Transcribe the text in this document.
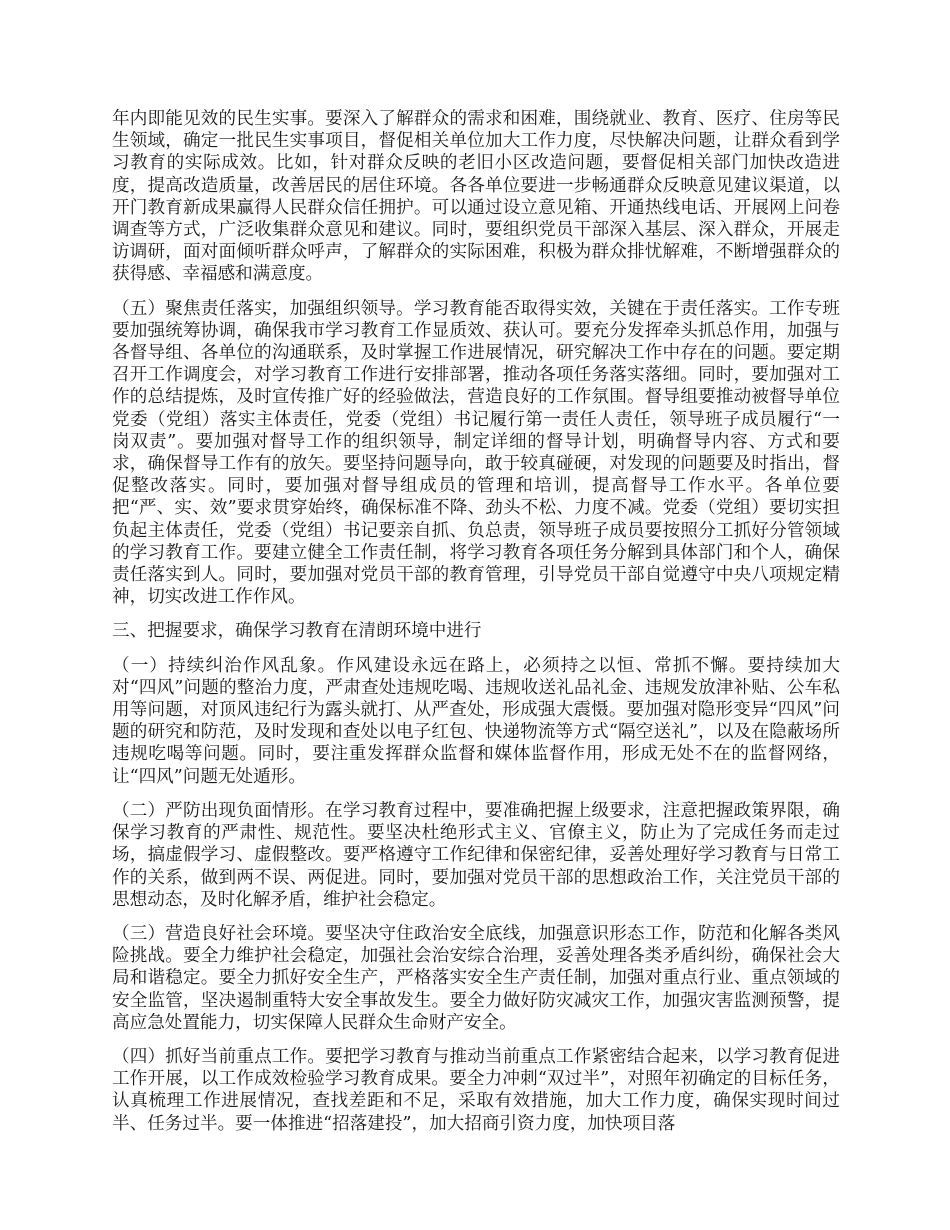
年内即能见效的民生实事。要深入了解群众的需求和困难，围绕就业、教育、医疗、住房等民生领域，确定一批民生实事项目，督促相关单位加大工作力度，尽快解决问题，让群众看到学习教育的实际成效。比如，针对群众反映的老旧小区改造问题，要督促相关部门加快改造进度，提高改造质量，改善居民的居住环境。各各单位要进一步畅通群众反映意见建议渠道，以开门教育新成果赢得人民群众信任拥护。可以通过设立意见箱、开通热线电话、开展网上问卷调查等方式，广泛收集群众意见和建议。同时，要组织党员干部深入基层、深入群众，开展走访调研，面对面倾听群众呼声，了解群众的实际困难，积极为群众排忧解难，不断增强群众的获得感、幸福感和满意度。

（五）聚焦责任落实，加强组织领导。学习教育能否取得实效，关键在于责任落实。工作专班要加强统筹协调，确保我市学习教育工作显质效、获认可。要充分发挥牵头抓总作用，加强与各督导组、各单位的沟通联系，及时掌握工作进展情况，研究解决工作中存在的问题。要定期召开工作调度会，对学习教育工作进行安排部署，推动各项任务落实落细。同时，要加强对工作的总结提炼，及时宣传推广好的经验做法，营造良好的工作氛围。督导组要推动被督导单位党委（党组）落实主体责任，党委（党组）书记履行第一责任人责任，领导班子成员履行“一岗双责”。要加强对督导工作的组织领导，制定详细的督导计划，明确督导内容、方式和要求，确保督导工作有的放矢。要坚持问题导向，敢于较真碰硬，对发现的问题要及时指出，督促整改落实。同时，要加强对督导组成员的管理和培训，提高督导工作水平。各单位要把“严、实、效”要求贯穿始终，确保标准不降、劲头不松、力度不减。党委（党组）要切实担负起主体责任，党委（党组）书记要亲自抓、负总责，领导班子成员要按照分工抓好分管领域的学习教育工作。要建立健全工作责任制，将学习教育各项任务分解到具体部门和个人，确保责任落实到人。同时，要加强对党员干部的教育管理，引导党员干部自觉遵守中央八项规定精神，切实改进工作作风。

三、把握要求，确保学习教育在清朗环境中进行

（一）持续纠治作风乱象。作风建设永远在路上，必须持之以恒、常抓不懈。要持续加大对“四风”问题的整治力度，严肃查处违规吃喝、违规收送礼品礼金、违规发放津补贴、公车私用等问题，对顶风违纪行为露头就打、从严查处，形成强大震慑。要加强对隐形变异“四风”问题的研究和防范，及时发现和查处以电子红包、快递物流等方式“隔空送礼”，以及在隐蔽场所违规吃喝等问题。同时，要注重发挥群众监督和媒体监督作用，形成无处不在的监督网络，让“四风”问题无处遁形。

（二）严防出现负面情形。在学习教育过程中，要准确把握上级要求，注意把握政策界限，确保学习教育的严肃性、规范性。要坚决杜绝形式主义、官僚主义，防止为了完成任务而走过场，搞虚假学习、虚假整改。要严格遵守工作纪律和保密纪律，妥善处理好学习教育与日常工作的关系，做到两不误、两促进。同时，要加强对党员干部的思想政治工作，关注党员干部的思想动态，及时化解矛盾，维护社会稳定。

（三）营造良好社会环境。要坚决守住政治安全底线，加强意识形态工作，防范和化解各类风险挑战。要全力维护社会稳定，加强社会治安综合治理，妥善处理各类矛盾纠纷，确保社会大局和谐稳定。要全力抓好安全生产，严格落实安全生产责任制，加强对重点行业、重点领域的安全监管，坚决遏制重特大安全事故发生。要全力做好防灾减灾工作，加强灾害监测预警，提高应急处置能力，切实保障人民群众生命财产安全。

（四）抓好当前重点工作。要把学习教育与推动当前重点工作紧密结合起来，以学习教育促进工作开展，以工作成效检验学习教育成果。要全力冲刺“双过半”，对照年初确定的目标任务，认真梳理工作进展情况，查找差距和不足，采取有效措施，加大工作力度，确保实现时间过半、任务过半。要一体推进“招落建投”，加大招商引资力度，加快项目落
